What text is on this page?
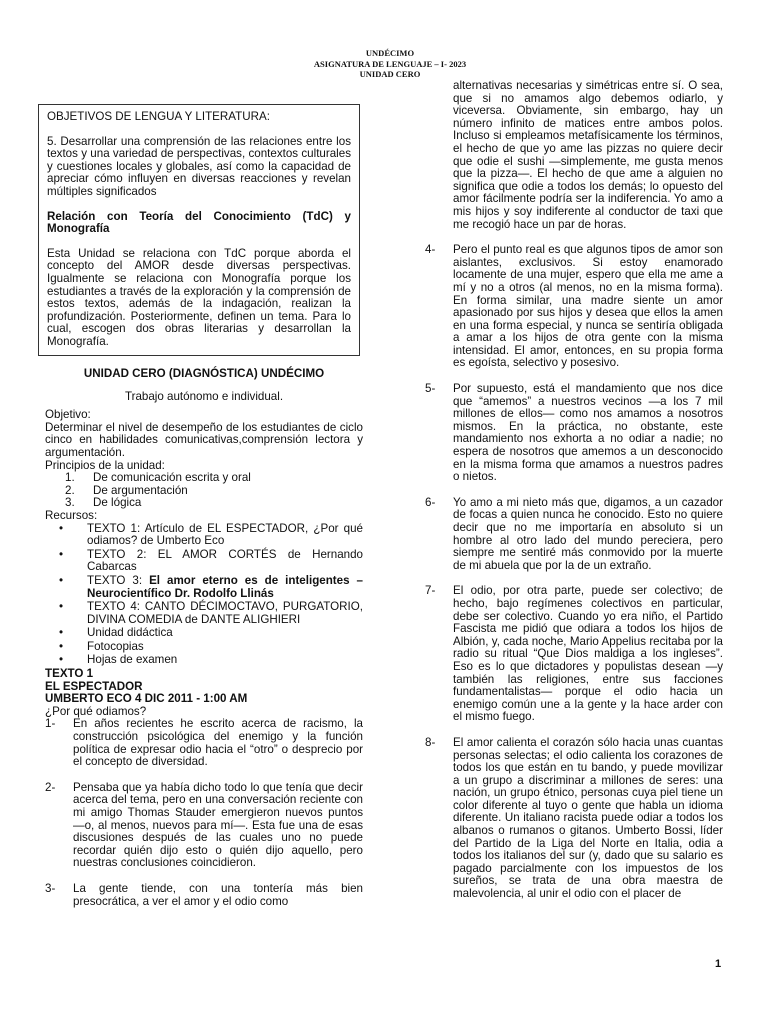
UNDÉCIMO
ASIGNATURA DE LENGUAJE – I- 2023
UNIDAD CERO

OBJETIVOS DE LENGUA Y LITERATURA:

5. Desarrollar una comprensión de las relaciones entre los textos y una variedad de perspectivas, contextos culturales y cuestiones locales y globales, así como la capacidad de apreciar cómo influyen en diversas reacciones y revelan múltiples significados

Relación con Teoría del Conocimiento (TdC) y Monografía

Esta Unidad se relaciona con TdC porque aborda el concepto del AMOR desde diversas perspectivas. Igualmente se relaciona con Monografía porque los estudiantes a través de la exploración y la comprensión de estos textos, además de la indagación, realizan la profundización. Posteriormente, definen un tema. Para lo cual, escogen dos obras literarias y desarrollan la Monografía.

UNIDAD CERO (DIAGNÓSTICA) UNDÉCIMO
Trabajo autónomo e individual.
Objetivo:
Determinar el nivel de desempeño de los estudiantes de ciclo cinco en habilidades comunicativas,comprensión lectora y argumentación.
Principios de la unidad:
1.	De comunicación escrita y oral
2.	De argumentación
3.	De lógica
Recursos:
•	TEXTO 1: Artículo de EL ESPECTADOR, ¿Por qué odiamos? de Umberto Eco
•	TEXTO 2: EL AMOR CORTÉS de Hernando Cabarcas
•	TEXTO 3: El amor eterno es de inteligentes – Neurocientífico Dr. Rodolfo Llinás
•	TEXTO 4: CANTO DÉCIMOCTAVO, PURGATORIO, DIVINA COMEDIA de DANTE ALIGHIERI
•	Unidad didáctica
•	Fotocopias
•	Hojas de examen
TEXTO 1
EL ESPECTADOR
UMBERTO ECO 4 DIC 2011 - 1:00 AM
¿Por qué odiamos?
1-	En años recientes he escrito acerca de racismo, la construcción psicológica del enemigo y la función política de expresar odio hacia el “otro” o desprecio por el concepto de diversidad.
2-	Pensaba que ya había dicho todo lo que tenía que decir acerca del tema, pero en una conversación reciente con mi amigo Thomas Stauder emergieron nuevos puntos —o, al menos, nuevos para mí—. Esta fue una de esas discusiones después de las cuales uno no puede recordar quién dijo esto o quién dijo aquello, pero nuestras conclusiones coincidieron.
3-	La gente tiende, con una tontería más bien presocrática, a ver el amor y el odio como
alternativas necesarias y simétricas entre sí. O sea, que si no amamos algo debemos odiarlo, y viceversa. Obviamente, sin embargo, hay un número infinito de matices entre ambos polos. Incluso si empleamos metafísicamente los términos, el hecho de que yo ame las pizzas no quiere decir que odie el sushi —simplemente, me gusta menos que la pizza—. El hecho de que ame a alguien no significa que odie a todos los demás; lo opuesto del amor fácilmente podría ser la indiferencia. Yo amo a mis hijos y soy indiferente al conductor de taxi que me recogió hace un par de horas.
4-	Pero el punto real es que algunos tipos de amor son aislantes, exclusivos. Si estoy enamorado locamente de una mujer, espero que ella me ame a mí y no a otros (al menos, no en la misma forma). En forma similar, una madre siente un amor apasionado por sus hijos y desea que ellos la amen en una forma especial, y nunca se sentiría obligada a amar a los hijos de otra gente con la misma intensidad. El amor, entonces, en su propia forma es egoísta, selectivo y posesivo.
5-	Por supuesto, está el mandamiento que nos dice que “amemos” a nuestros vecinos —a los 7 mil millones de ellos— como nos amamos a nosotros mismos. En la práctica, no obstante, este mandamiento nos exhorta a no odiar a nadie; no espera de nosotros que amemos a un desconocido en la misma forma que amamos a nuestros padres o nietos.
6-	Yo amo a mi nieto más que, digamos, a un cazador de focas a quien nunca he conocido. Esto no quiere decir que no me importaría en absoluto si un hombre al otro lado del mundo pereciera, pero siempre me sentiré más conmovido por la muerte de mi abuela que por la de un extraño.
7-	El odio, por otra parte, puede ser colectivo; de hecho, bajo regímenes colectivos en particular, debe ser colectivo. Cuando yo era niño, el Partido Fascista me pidió que odiara a todos los hijos de Albión, y, cada noche, Mario Appelius recitaba por la radio su ritual “Que Dios maldiga a los ingleses”. Eso es lo que dictadores y populistas desean —y también las religiones, entre sus facciones fundamentalistas— porque el odio hacia un enemigo común une a la gente y la hace arder con el mismo fuego.
8-	El amor calienta el corazón sólo hacia unas cuantas personas selectas; el odio calienta los corazones de todos los que están en tu bando, y puede movilizar a un grupo a discriminar a millones de seres: una nación, un grupo étnico, personas cuya piel tiene un color diferente al tuyo o gente que habla un idioma diferente. Un italiano racista puede odiar a todos los albanos o rumanos o gitanos. Umberto Bossi, líder del Partido de la Liga del Norte en Italia, odia a todos los italianos del sur (y, dado que su salario es pagado parcialmente con los impuestos de los sureños, se trata de una obra maestra de malevolencia, al unir el odio con el placer de
1
